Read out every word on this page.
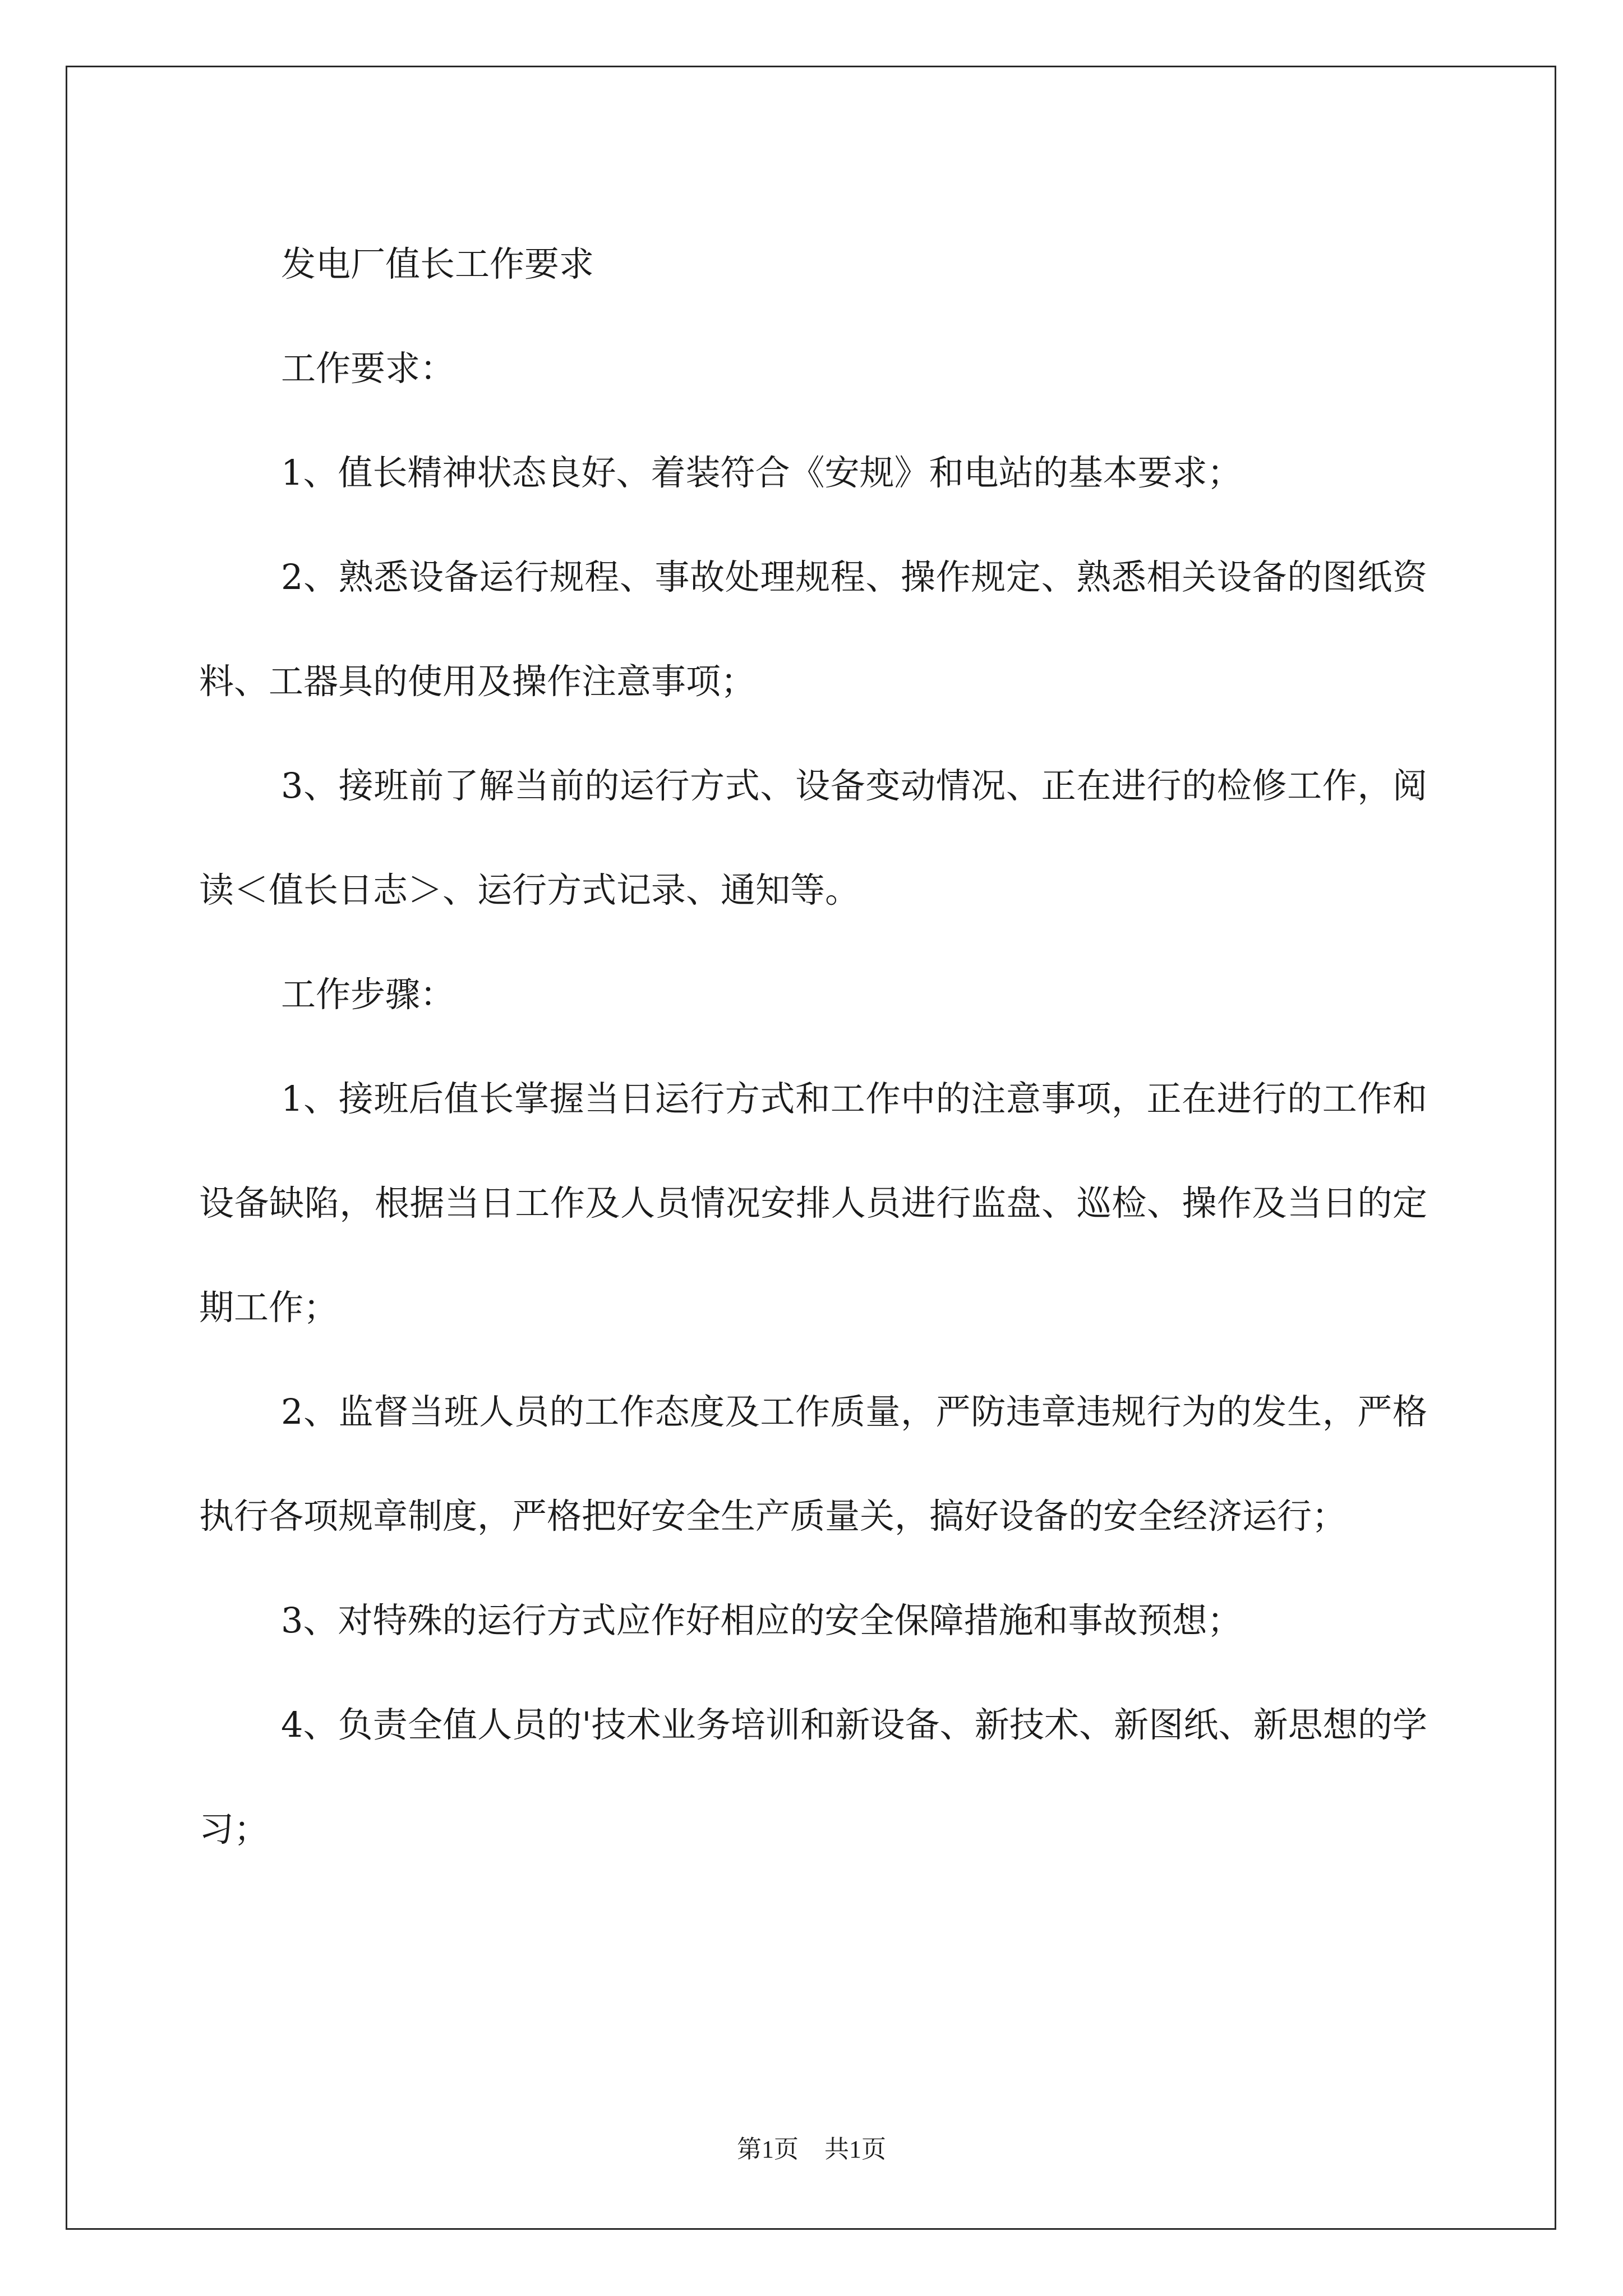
发电厂值长工作要求

工作要求：

1、值长精神状态良好、着装符合《安规》和电站的基本要求；

2、熟悉设备运行规程、事故处理规程、操作规定、熟悉相关设备的图纸资料、工器具的使用及操作注意事项；

3、接班前了解当前的运行方式、设备变动情况、正在进行的检修工作，阅读＜值长日志＞、运行方式记录、通知等。

工作步骤：

1、接班后值长掌握当日运行方式和工作中的注意事项，正在进行的工作和设备缺陷，根据当日工作及人员情况安排人员进行监盘、巡检、操作及当日的定期工作；

2、监督当班人员的工作态度及工作质量，严防违章违规行为的发生，严格执行各项规章制度，严格把好安全生产质量关，搞好设备的安全经济运行；

3、对特殊的运行方式应作好相应的安全保障措施和事故预想；

4、负责全值人员的'技术业务培训和新设备、新技术、新图纸、新思想的学习；

第1页 共1页
